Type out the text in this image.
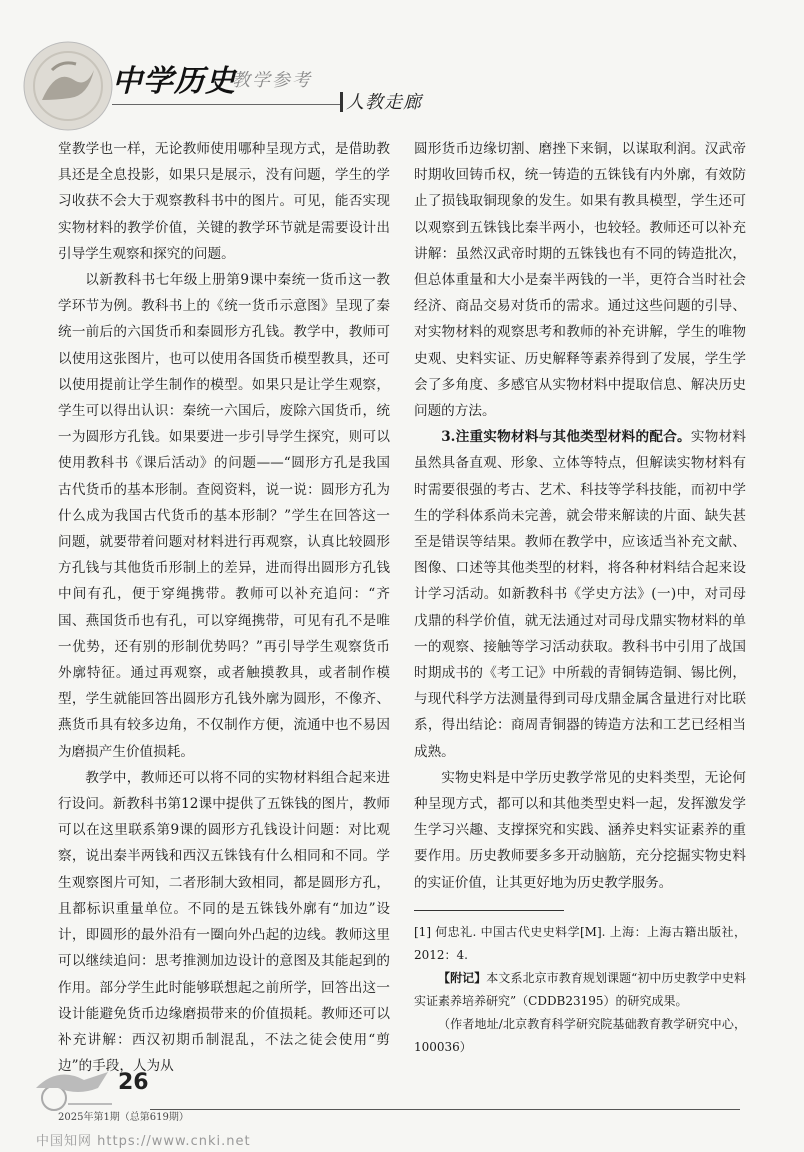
中学历史
教学参考
人教走廊

堂教学也一样，无论教师使用哪种呈现方式，是借助教具还是全息投影，如果只是展示，没有问题，学生的学习收获不会大于观察教科书中的图片。可见，能否实现实物材料的教学价值，关键的教学环节就是需要设计出引导学生观察和探究的问题。

以新教科书七年级上册第9课中秦统一货币这一教学环节为例。教科书上的《统一货币示意图》呈现了秦统一前后的六国货币和秦圆形方孔钱。教学中，教师可以使用这张图片，也可以使用各国货币模型教具，还可以使用提前让学生制作的模型。如果只是让学生观察，学生可以得出认识：秦统一六国后，废除六国货币，统一为圆形方孔钱。如果要进一步引导学生探究，则可以使用教科书《课后活动》的问题——“圆形方孔是我国古代货币的基本形制。查阅资料，说一说：圆形方孔为什么成为我国古代货币的基本形制？”学生在回答这一问题，就要带着问题对材料进行再观察，认真比较圆形方孔钱与其他货币形制上的差异，进而得出圆形方孔钱中间有孔，便于穿绳携带。教师可以补充追问：“齐国、燕国货币也有孔，可以穿绳携带，可见有孔不是唯一优势，还有别的形制优势吗？”再引导学生观察货币外廓特征。通过再观察，或者触摸教具，或者制作模型，学生就能回答出圆形方孔钱外廓为圆形，不像齐、燕货币具有较多边角，不仅制作方便，流通中也不易因为磨损产生价值损耗。

教学中，教师还可以将不同的实物材料组合起来进行设问。新教科书第12课中提供了五铢钱的图片，教师可以在这里联系第9课的圆形方孔钱设计问题：对比观察，说出秦半两钱和西汉五铢钱有什么相同和不同。学生观察图片可知，二者形制大致相同，都是圆形方孔，且都标识重量单位。不同的是五铢钱外廓有“加边”设计，即圆形的最外沿有一圈向外凸起的边线。教师这里可以继续追问：思考推测加边设计的意图及其能起到的作用。部分学生此时能够联想起之前所学，回答出这一设计能避免货币边缘磨损带来的价值损耗。教师还可以补充讲解：西汉初期币制混乱，不法之徒会使用“剪边”的手段，人为从

圆形货币边缘切割、磨挫下来铜，以谋取利润。汉武帝时期收回铸币权，统一铸造的五铢钱有内外廓，有效防止了损钱取铜现象的发生。如果有教具模型，学生还可以观察到五铢钱比秦半两小，也较轻。教师还可以补充讲解：虽然汉武帝时期的五铢钱也有不同的铸造批次，但总体重量和大小是秦半两钱的一半，更符合当时社会经济、商品交易对货币的需求。通过这些问题的引导、对实物材料的观察思考和教师的补充讲解，学生的唯物史观、史料实证、历史解释等素养得到了发展，学生学会了多角度、多感官从实物材料中提取信息、解决历史问题的方法。

3.注重实物材料与其他类型材料的配合。实物材料虽然具备直观、形象、立体等特点，但解读实物材料有时需要很强的考古、艺术、科技等学科技能，而初中学生的学科体系尚未完善，就会带来解读的片面、缺失甚至是错误等结果。教师在教学中，应该适当补充文献、图像、口述等其他类型的材料，将各种材料结合起来设计学习活动。如新教科书《学史方法》(一)中，对司母戊鼎的科学价值，就无法通过对司母戊鼎实物材料的单一的观察、接触等学习活动获取。教科书中引用了战国时期成书的《考工记》中所载的青铜铸造铜、锡比例，与现代科学方法测量得到司母戊鼎金属含量进行对比联系，得出结论：商周青铜器的铸造方法和工艺已经相当成熟。

实物史料是中学历史教学常见的史料类型，无论何种呈现方式，都可以和其他类型史料一起，发挥激发学生学习兴趣、支撑探究和实践、涵养史料实证素养的重要作用。历史教师要多多开动脑筋，充分挖掘实物史料的实证价值，让其更好地为历史教学服务。

[1] 何忠礼. 中国古代史史料学[M]. 上海：上海古籍出版社，2012：4.

【附记】本文系北京市教育规划课题“初中历史教学中史料实证素养培养研究”（CDDB23195）的研究成果。

（作者地址/北京教育科学研究院基础教育教学研究中心，100036）

26
2025年第1期（总第619期）
中国知网 https://www.cnki.net
